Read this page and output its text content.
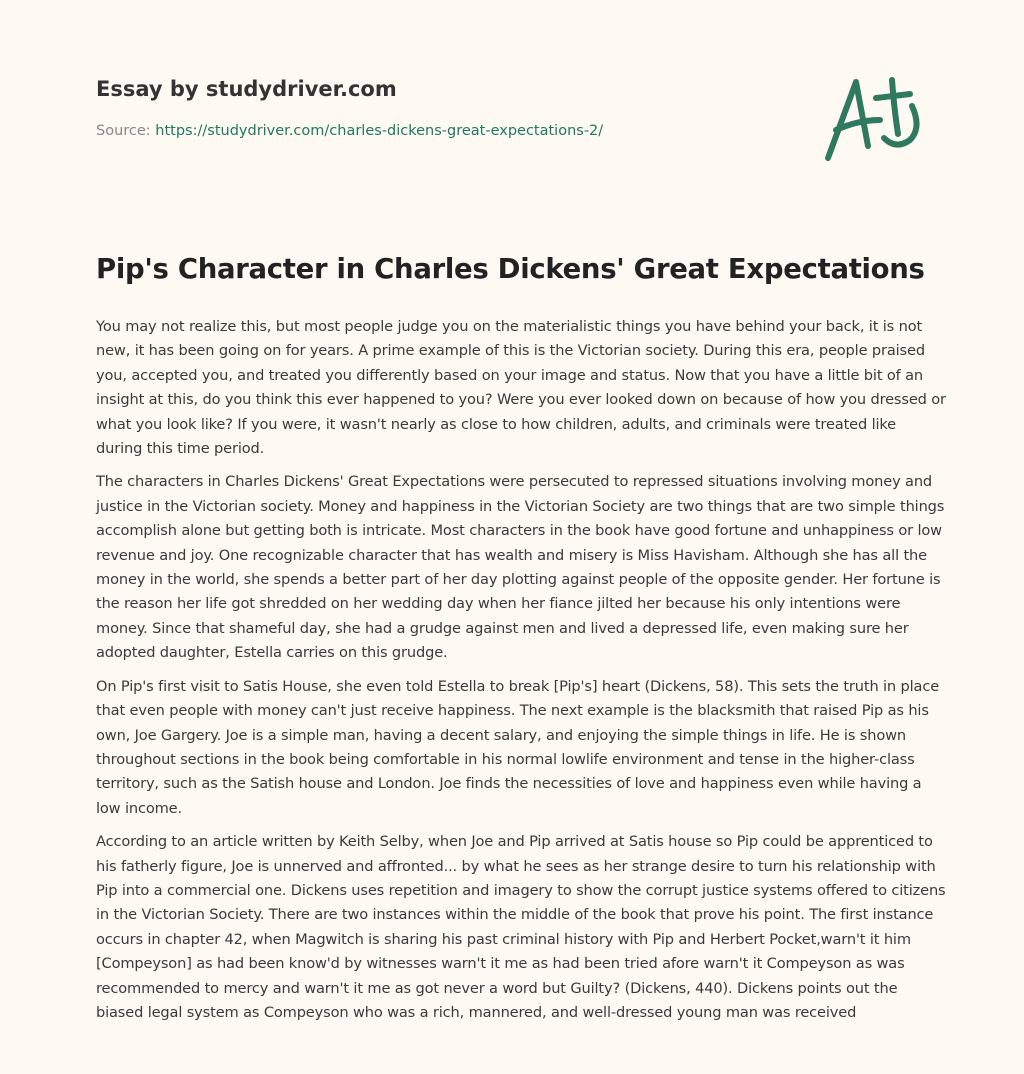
Essay by studydriver.com
Source: https://studydriver.com/charles-dickens-great-expectations-2/
Pip's Character in Charles Dickens' Great Expectations

You may not realize this, but most people judge you on the materialistic things you have behind your back, it is not new, it has been going on for years. A prime example of this is the Victorian society. During this era, people praised you, accepted you, and treated you differently based on your image and status. Now that you have a little bit of an insight at this, do you think this ever happened to you? Were you ever looked down on because of how you dressed or what you look like? If you were, it wasn't nearly as close to how children, adults, and criminals were treated like during this time period.

The characters in Charles Dickens' Great Expectations were persecuted to repressed situations involving money and justice in the Victorian society. Money and happiness in the Victorian Society are two things that are two simple things accomplish alone but getting both is intricate. Most characters in the book have good fortune and unhappiness or low revenue and joy. One recognizable character that has wealth and misery is Miss Havisham. Although she has all the money in the world, she spends a better part of her day plotting against people of the opposite gender. Her fortune is the reason her life got shredded on her wedding day when her fiance jilted her because his only intentions were money. Since that shameful day, she had a grudge against men and lived a depressed life, even making sure her adopted daughter, Estella carries on this grudge.

On Pip's first visit to Satis House, she even told Estella to break [Pip's] heart (Dickens, 58). This sets the truth in place that even people with money can't just receive happiness. The next example is the blacksmith that raised Pip as his own, Joe Gargery. Joe is a simple man, having a decent salary, and enjoying the simple things in life. He is shown throughout sections in the book being comfortable in his normal lowlife environment and tense in the higher-class territory, such as the Satish house and London. Joe finds the necessities of love and happiness even while having a low income.

According to an article written by Keith Selby, when Joe and Pip arrived at Satis house so Pip could be apprenticed to his fatherly figure, Joe is unnerved and affronted... by what he sees as her strange desire to turn his relationship with Pip into a commercial one. Dickens uses repetition and imagery to show the corrupt justice systems offered to citizens in the Victorian Society. There are two instances within the middle of the book that prove his point. The first instance occurs in chapter 42, when Magwitch is sharing his past criminal history with Pip and Herbert Pocket,warn't it him [Compeyson] as had been know'd by witnesses warn't it me as had been tried afore warn't it Compeyson as was recommended to mercy and warn't it me as got never a word but Guilty? (Dickens, 440). Dickens points out the biased legal system as Compeyson who was a rich, mannered, and well-dressed young man was received
